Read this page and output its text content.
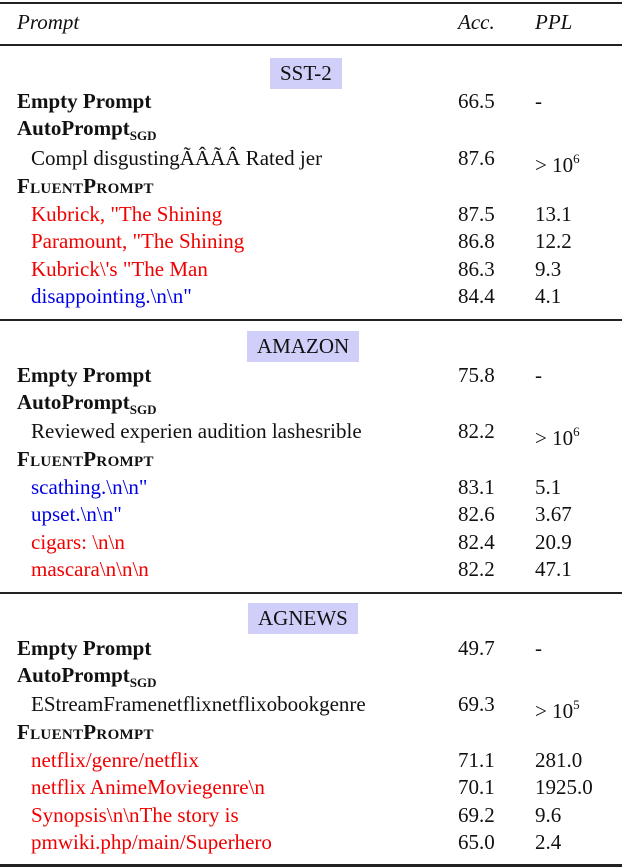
Prompt	Acc. PPL
SST-2
Empty Prompt	66.5 -
AutoPrompt$_{SGD}$
Compl disgustingÃÂÃÂ Rated jer	$87.6 > 10^6$
FluentPrompt
Kubrick, "The Shining	87.5 13.1
Paramount, "The Shining	86.8 12.2
Kubrick\'s "The Man	86.3 9.3
disappointing.\n\n"	84.4 4.1
AMAZON
Empty Prompt	75.8 -
AutoPrompt$_{SGD}$
Reviewed experien audition lashesrible	$82.2 > 10^6$
FluentPrompt
scathing.\n\n"	83.1 5.1
upset.\n\n"	82.6 3.67
cigars: \n\n	82.4 20.9
mascara\n\n\n	82.2 47.1
AGNEWS
Empty Prompt	49.7 -
AutoPrompt$_{SGD}$
EStreamFramenetflixnetflixobookgenre	$69.3 > 10^5$
FluentPrompt
netflix/genre/netflix	71.1 281.0
netflix AnimeMoviegenre\n	70.1 1925.0
Synopsis\n\nThe story is	69.2 9.6
pmwiki.php/main/Superhero	65.0 2.4
